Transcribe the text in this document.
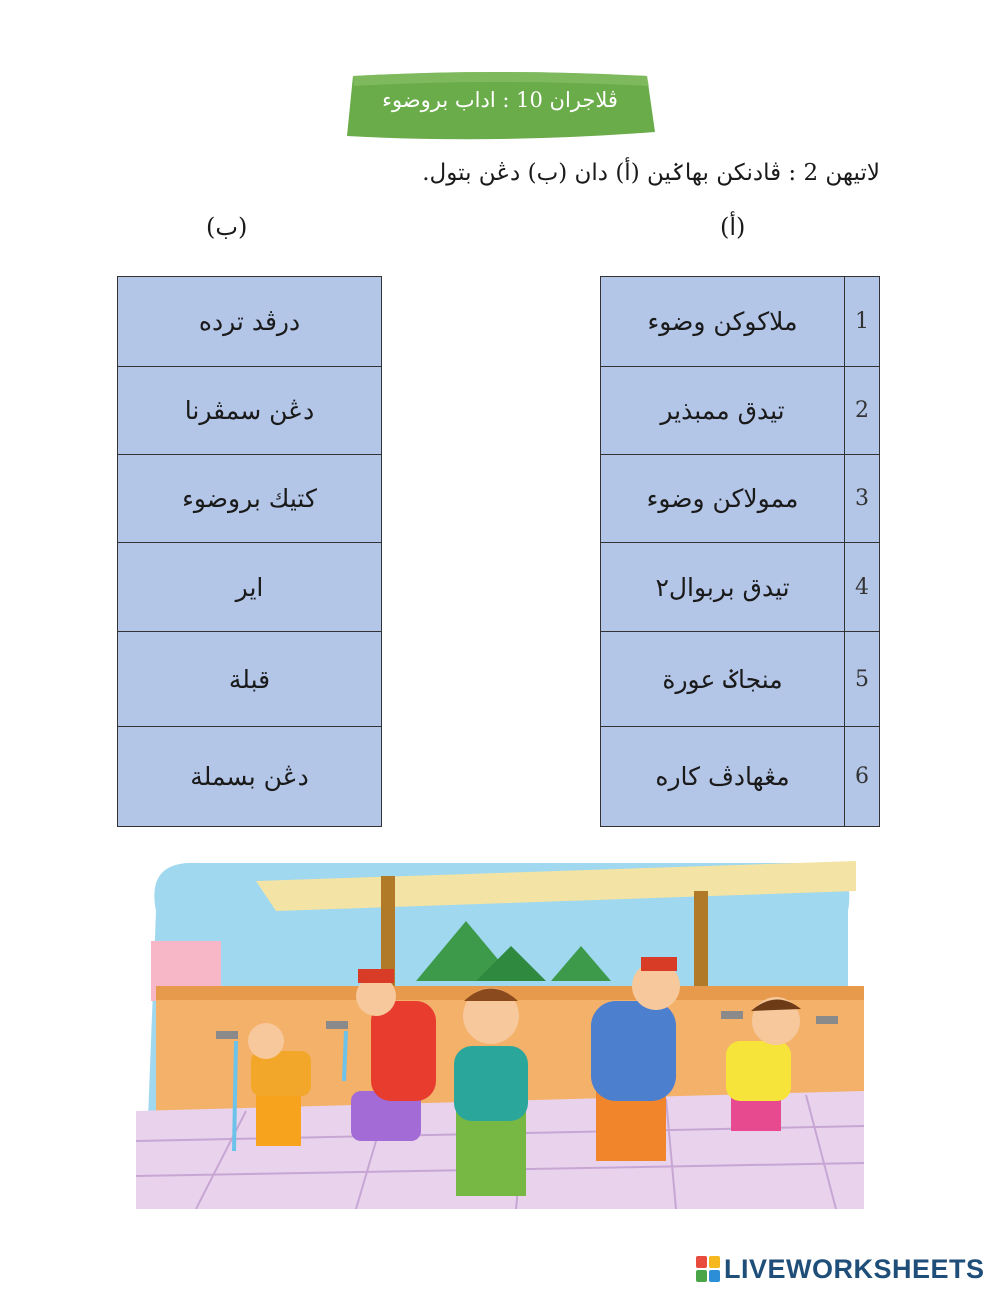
ڤلاجران 10 : اداب بروضوء
لاتيهن 2 : ڤادنكن بهاݢين (أ) دان (ب) دڠن بتول.
(أ)
(ب)
ملاكوكن وضوء	1
تيدق ممبذير	2
ممولاكن وضوء	3
تيدق بربوال٢	4
منجاݢ عورة	5
مڠهادڤ كاره	6
درڤد ترده
دڠن سمڤرنا
كتيك بروضوء
اير
قبلة
دڠن بسملة
LIVEWORKSHEETS
